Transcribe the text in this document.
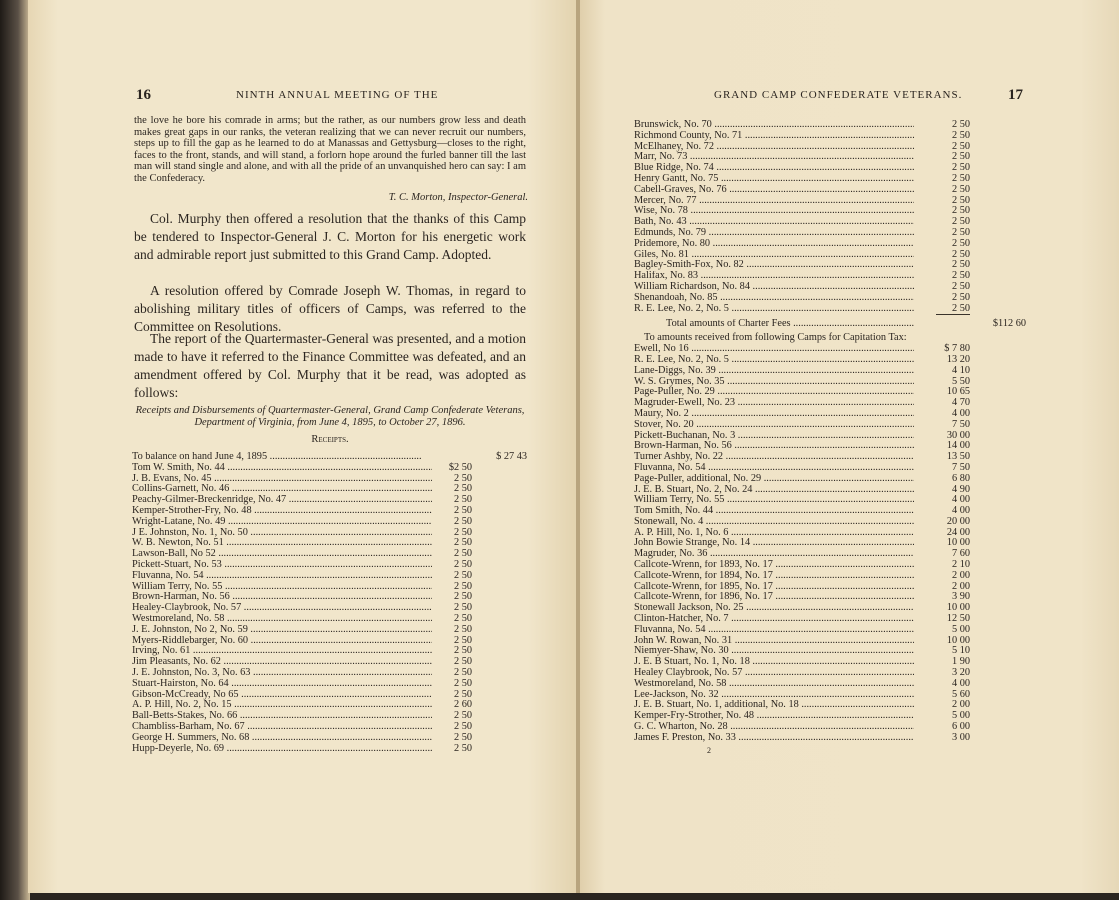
16	NINTH ANNUAL MEETING OF THE
the love he bore his comrade in arms; but the rather, as our numbers grow less and death makes great gaps in our ranks, the veteran realizing that we can never recruit our numbers, steps up to fill the gap as he learned to do at Manassas and Gettysburg—closes to the right, faces to the front, stands, and will stand, a forlorn hope around the furled banner till the last man will stand single and alone, and with all the pride of an unvanquished hero can say: I am the Confederacy.
T. C. Morton, Inspector-General.

Col. Murphy then offered a resolution that the thanks of this Camp be tendered to Inspector-General J. C. Morton for his energetic work and admirable report just submitted to this Grand Camp. Adopted.

A resolution offered by Comrade Joseph W. Thomas, in regard to abolishing military titles of officers of Camps, was referred to the Committee on Resolutions.

The report of the Quartermaster-General was presented, and a motion made to have it referred to the Finance Committee was defeated, and an amendment offered by Col. Murphy that it be read, was adopted as follows:

Receipts and Disbursements of Quartermaster-General, Grand Camp Confederate Veterans, Department of Virginia, from June 4, 1895, to October 27, 1896.
Receipts.
To balance on hand June 4, 1895 .....	$ 27 43
Tom W. Smith, No. 44 .....	$2 50
J. B. Evans, No. 45 .....	2 50
Collins-Garnett, No. 46 .....	2 50
Peachy-Gilmer-Breckenridge, No. 47 .....	2 50
Kemper-Strother-Fry, No. 48 .....	2 50
Wright-Latane, No. 49 .....	2 50
J E. Johnston, No. 1, No. 50 .....	2 50
W. B. Newton, No. 51 .....	2 50
Lawson-Ball, No 52 .....	2 50
Pickett-Stuart, No. 53 .....	2 50
Fluvanna, No. 54 .....	2 50
William Terry, No. 55 .....	2 50
Brown-Harman, No. 56 .....	2 50
Healey-Claybrook, No. 57 .....	2 50
Westmoreland, No. 58 .....	2 50
J. E. Johnston, No 2, No. 59 .....	2 50
Myers-Riddlebarger, No. 60 .....	2 50
Irving, No. 61 .....	2 50
Jim Pleasants, No. 62 .....	2 50
J. E. Johnston, No. 3, No. 63 .....	2 50
Stuart-Hairston, No. 64 .....	2 50
Gibson-McCready, No 65 .....	2 50
A. P. Hill, No. 2, No. 15 .....	2 60
Ball-Betts-Stakes, No. 66 .....	2 50
Chambliss-Barham, No. 67 .....	2 50
George H. Summers, No. 68 .....	2 50
Hupp-Deyerle, No. 69 .....	2 50
GRAND CAMP CONFEDERATE VETERANS.	17
Brunswick, No. 70 .....	2 50
Richmond County, No. 71 .....	2 50
McElhaney, No. 72 .....	2 50
Marr, No. 73 .....	2 50
Blue Ridge, No. 74 .....	2 50
Henry Gantt, No. 75 .....	2 50
Cabell-Graves, No. 76 .....	2 50
Mercer, No. 77 .....	2 50
Wise, No. 78 .....	2 50
Bath, No. 43 .....	2 50
Edmunds, No. 79 .....	2 50
Pridemore, No. 80 .....	2 50
Giles, No. 81 .....	2 50
Bagley-Smith-Fox, No. 82 .....	2 50
Halifax, No. 83 .....	2 50
William Richardson, No. 84 .....	2 50
Shenandoah, No. 85 .....	2 50
R. E. Lee, No. 2, No. 5 .....	2 50
Total amounts of Charter Fees .....	$112 60
To amounts received from following Camps for Capitation Tax:
Ewell, No 16 .....	$ 7 80
R. E. Lee, No. 2, No. 5 .....	13 20
Lane-Diggs, No. 39 .....	4 10
W. S. Grymes, No. 35 .....	5 50
Page-Puller, No. 29 .....	10 65
Magruder-Ewell, No. 23 .....	4 70
Maury, No. 2 .....	4 00
Stover, No. 20 .....	7 50
Pickett-Buchanan, No. 3 .....	30 00
Brown-Harman, No. 56 .....	14 00
Turner Ashby, No. 22 .....	13 50
Fluvanna, No. 54 .....	7 50
Page-Puller, additional, No. 29 .....	6 80
J. E. B. Stuart, No. 2, No. 24 .....	4 90
William Terry, No. 55 .....	4 00
Tom Smith, No. 44 .....	4 00
Stonewall, No. 4 .....	20 00
A. P. Hill, No. 1, No. 6 .....	24 00
John Bowie Strange, No. 14 .....	10 00
Magruder, No. 36 .....	7 60
Callcote-Wrenn, for 1893, No. 17 .....	2 10
Callcote-Wrenn, for 1894, No. 17 .....	2 00
Callcote-Wrenn, for 1895, No. 17 .....	2 00
Callcote-Wrenn, for 1896, No. 17 .....	3 90
Stonewall Jackson, No. 25 .....	10 00
Clinton-Hatcher, No. 7 .....	12 50
Fluvanna, No. 54 .....	5 00
John W. Rowan, No. 31 .....	10 00
Niemyer-Shaw, No. 30 .....	5 10
J. E. B Stuart, No. 1, No. 18 .....	1 90
Healey Claybrook, No. 57 .....	3 20
Westmoreland, No. 58 .....	4 00
Lee-Jackson, No. 32 .....	5 60
J. E. B. Stuart, No. 1, additional, No. 18 .....	2 00
Kemper-Fry-Strother, No. 48 .....	5 00
G. C. Wharton, No. 28 .....	6 00
James F. Preston, No. 33 .....	3 00
2
